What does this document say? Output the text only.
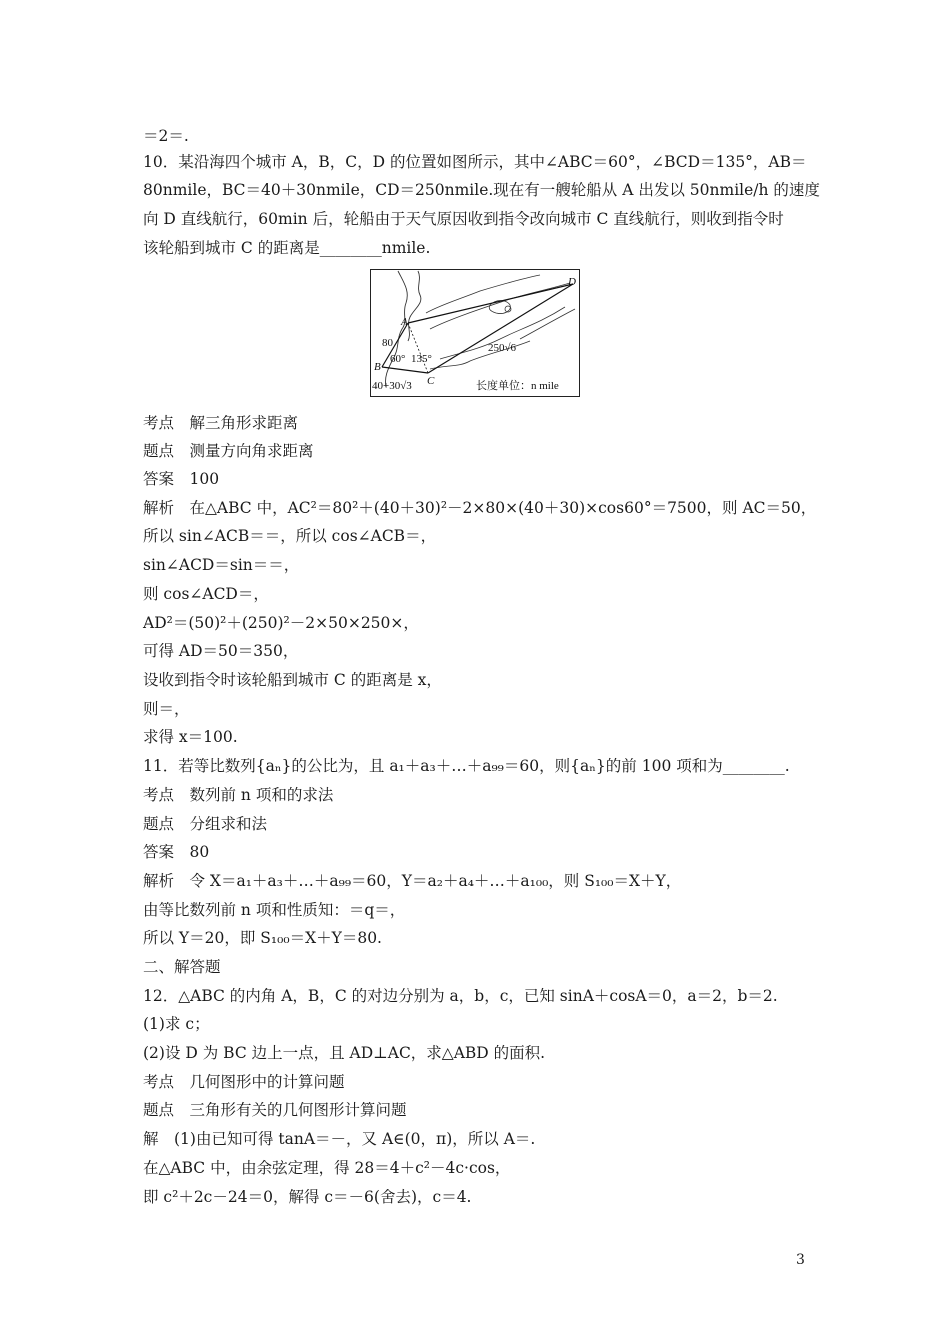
＝2＝.
10．某沿海四个城市 A，B，C，D 的位置如图所示，其中∠ABC＝60°，∠BCD＝135°，AB＝
80nmile，BC＝40＋30nmile，CD＝250nmile.现在有一艘轮船从 A 出发以 50nmile/h 的速度
向 D 直线航行，60min 后，轮船由于天气原因收到指令改向城市 C 直线航行，则收到指令时
该轮船到城市 C 的距离是________nmile.
A
B
C
D
80
60° 135°
250√6
40+30√3	长度单位：n mile
考点　解三角形求距离
题点　测量方向角求距离
答案　100
解析　在△ABC 中，AC²＝80²＋(40＋30)²－2×80×(40＋30)×cos60°＝7500，则 AC＝50，
所以 sin∠ACB＝＝，所以 cos∠ACB＝，
sin∠ACD＝sin＝＝，
则 cos∠ACD＝，
AD²＝(50)²＋(250)²－2×50×250×，
可得 AD＝50＝350，
设收到指令时该轮船到城市 C 的距离是 x，
则＝，
求得 x＝100.
11．若等比数列{aₙ}的公比为，且 a₁＋a₃＋…＋a₉₉＝60，则{aₙ}的前 100 项和为________.
考点　数列前 n 项和的求法
题点　分组求和法
答案　80
解析　令 X＝a₁＋a₃＋…＋a₉₉＝60，Y＝a₂＋a₄＋…＋a₁₀₀，则 S₁₀₀＝X＋Y，
由等比数列前 n 项和性质知：＝q＝，
所以 Y＝20，即 S₁₀₀＝X＋Y＝80.
二、解答题
12．△ABC 的内角 A，B，C 的对边分别为 a，b，c，已知 sinA＋cosA＝0，a＝2，b＝2.
(1)求 c；
(2)设 D 为 BC 边上一点，且 AD⊥AC，求△ABD 的面积.
考点　几何图形中的计算问题
题点　三角形有关的几何图形计算问题
解　(1)由已知可得 tanA＝－，又 A∈(0，π)，所以 A＝.
在△ABC 中，由余弦定理，得 28＝4＋c²－4c·cos，
即 c²＋2c－24＝0，解得 c＝－6(舍去)，c＝4.
3
